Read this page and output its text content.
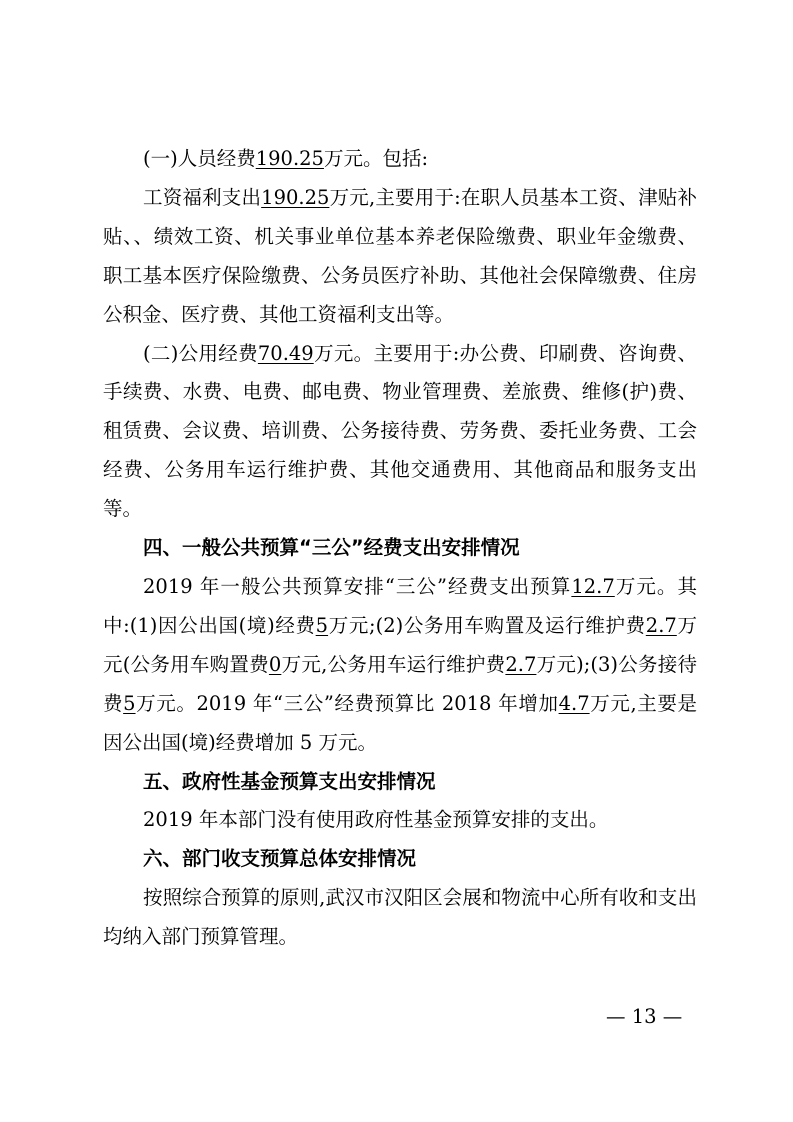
(一)人员经费190.25万元。包括:

工资福利支出190.25万元,主要用于:在职人员基本工资、津贴补贴、、绩效工资、机关事业单位基本养老保险缴费、职业年金缴费、职工基本医疗保险缴费、公务员医疗补助、其他社会保障缴费、住房公积金、医疗费、其他工资福利支出等。

(二)公用经费70.49万元。主要用于:办公费、印刷费、咨询费、手续费、水费、电费、邮电费、物业管理费、差旅费、维修(护)费、租赁费、会议费、培训费、公务接待费、劳务费、委托业务费、工会经费、公务用车运行维护费、其他交通费用、其他商品和服务支出等。

四、一般公共预算“三公”经费支出安排情况

2019 年一般公共预算安排“三公”经费支出预算12.7万元。其中:(1)因公出国(境)经费5万元;(2)公务用车购置及运行维护费2.7万元(公务用车购置费0万元,公务用车运行维护费2.7万元);(3)公务接待费5万元。2019 年“三公”经费预算比 2018 年增加4.7万元,主要是因公出国(境)经费增加 5 万元。

五、政府性基金预算支出安排情况

2019 年本部门没有使用政府性基金预算安排的支出。

六、部门收支预算总体安排情况

按照综合预算的原则,武汉市汉阳区会展和物流中心所有收和支出均纳入部门预算管理。

— 13 —
